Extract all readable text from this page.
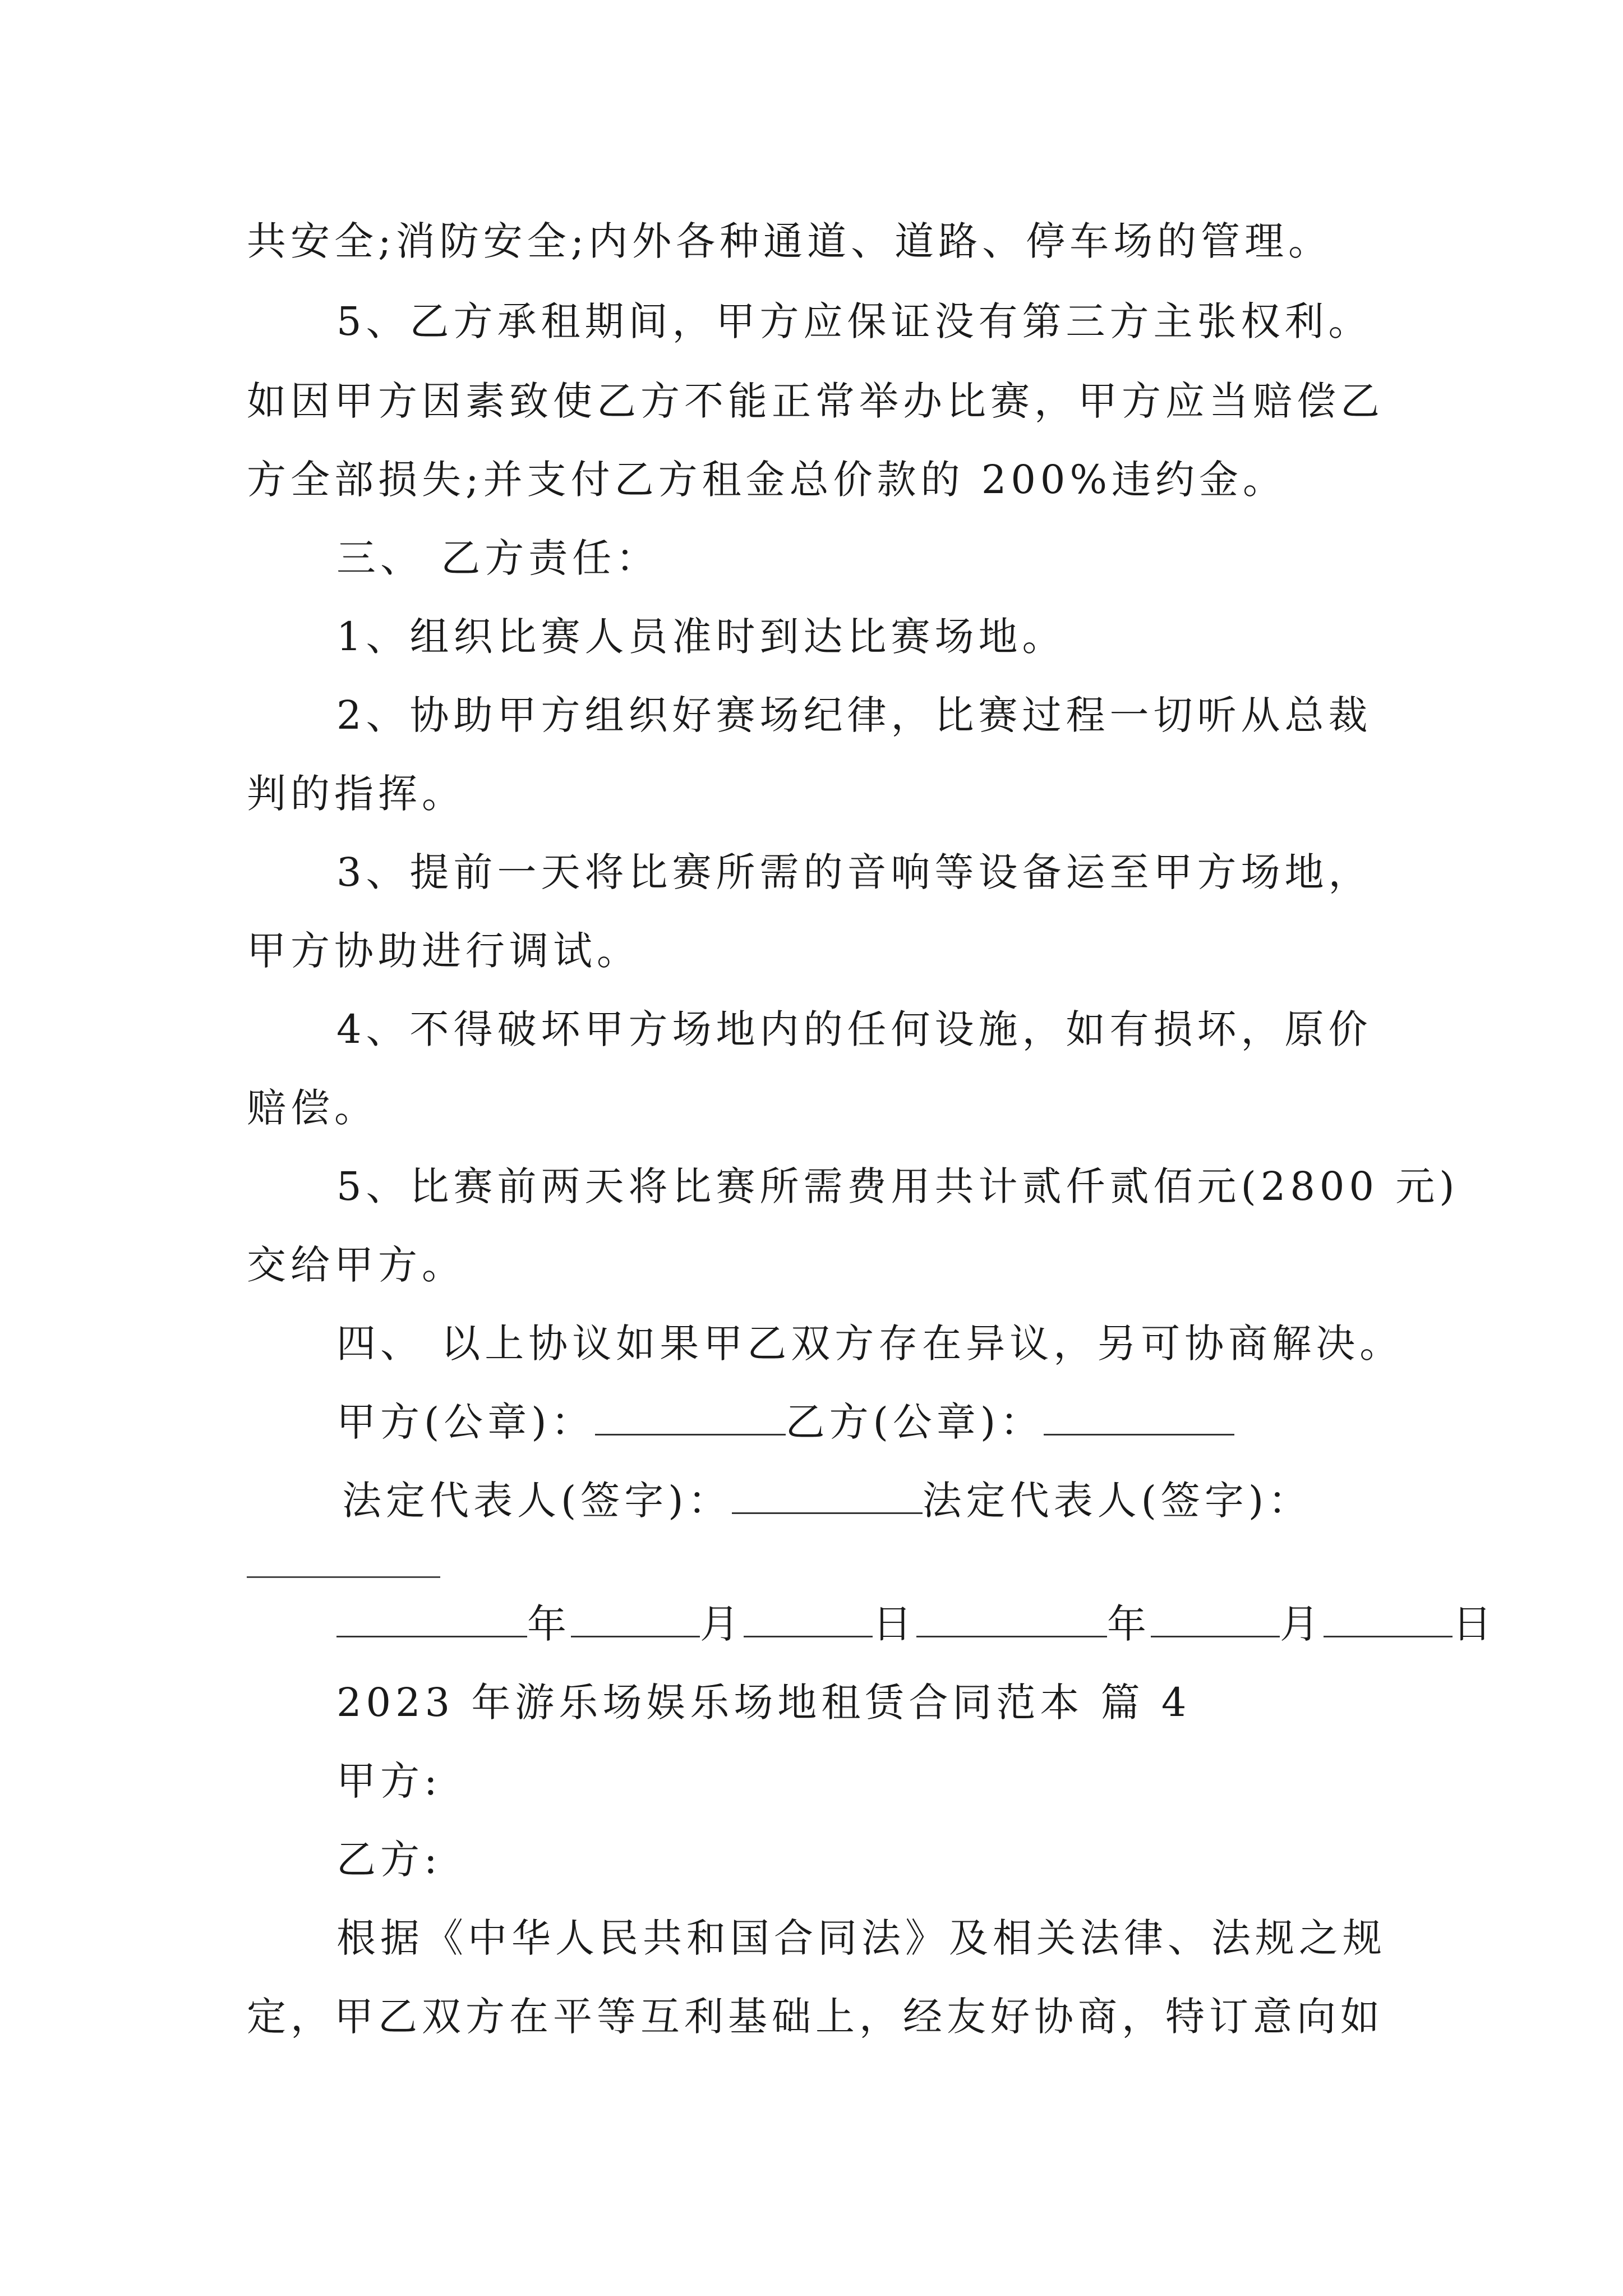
共安全;消防安全;内外各种通道、道路、停车场的管理。
5、乙方承租期间，甲方应保证没有第三方主张权利。
如因甲方因素致使乙方不能正常举办比赛，甲方应当赔偿乙
方全部损失;并支付乙方租金总价款的 200%违约金。
三、 乙方责任：
1、组织比赛人员准时到达比赛场地。
2、协助甲方组织好赛场纪律，比赛过程一切听从总裁
判的指挥。
3、提前一天将比赛所需的音响等设备运至甲方场地，
甲方协助进行调试。
4、不得破坏甲方场地内的任何设施，如有损坏，原价
赔偿。
5、比赛前两天将比赛所需费用共计贰仟贰佰元(2800 元)
交给甲方。
四、 以上协议如果甲乙双方存在异议，另可协商解决。
甲方(公章)：	乙方(公章)：
法定代表人(签字)：	法定代表人(签字)：
年	月	日	年	月	日
2023 年游乐场娱乐场地租赁合同范本 篇 4
甲方:
乙方:
根据《中华人民共和国合同法》及相关法律、法规之规
定，甲乙双方在平等互利基础上，经友好协商，特订意向如
